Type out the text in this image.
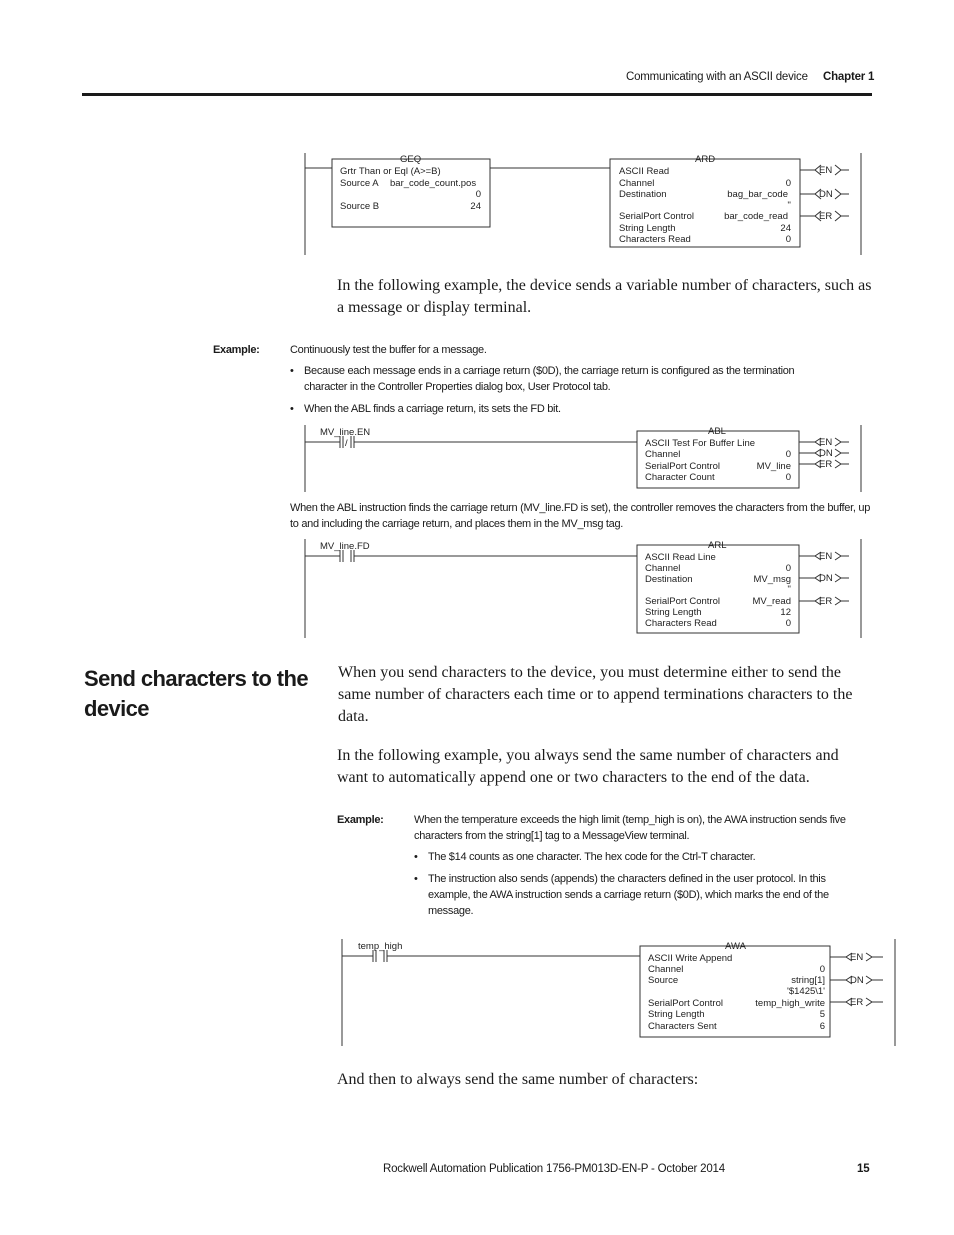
Communicating with an ASCII device Chapter 1
GEQ
Grtr Than or Eql (A>=B)
Source A bar_code_count.pos
0
Source B	24
ARD
ASCII Read
Channel	0
Destination	bag_bar_code
''
SerialPort Control	bar_code_read
String Length	24
Characters Read	0
EN
DN
ER
In the following example, the device sends a variable number of characters, such as a message or display terminal.
Example:	Continuously test the buffer for a message.
• Because each message ends in a carriage return ($0D), the carriage return is configured as the termination character in the Controller Properties dialog box, User Protocol tab.
• When the ABL finds a carriage return, its sets the FD bit.
MV_line.EN
/
ABL
ASCII Test For Buffer Line
Channel	0
SerialPort Control	MV_line
Character Count	0
EN
DN
ER
When the ABL instruction finds the carriage return (MV_line.FD is set), the controller removes the characters from the buffer, up to and including the carriage return, and places them in the MV_msg tag.
MV_line.FD	ARL
ASCII Read Line
Channel	0
Destination	MV_msg
''
SerialPort Control	MV_read
String Length	12
Characters Read	0
EN
DN
ER
Send characters to the
device
When you send characters to the device, you must determine either to send the same number of characters each time or to append terminations characters to the data.
In the following example, you always send the same number of characters and want to automatically append one or two characters to the end of the data.
Example:	When the temperature exceeds the high limit (temp_high is on), the AWA instruction sends five characters from the string[1] tag to a MessageView terminal.
• The $14 counts as one character. The hex code for the Ctrl-T character.
• The instruction also sends (appends) the characters defined in the user protocol. In this example, the AWA instruction sends a carriage return ($0D), which marks the end of the message.
temp_high	AWA
ASCII Write Append
Channel	0
Source	string[1]
'$1425\1'
SerialPort Control	temp_high_write
String Length	5
Characters Sent	6
EN
DN
ER
And then to always send the same number of characters:
Rockwell Automation Publication 1756-PM013D-EN-P - October 2014	15
